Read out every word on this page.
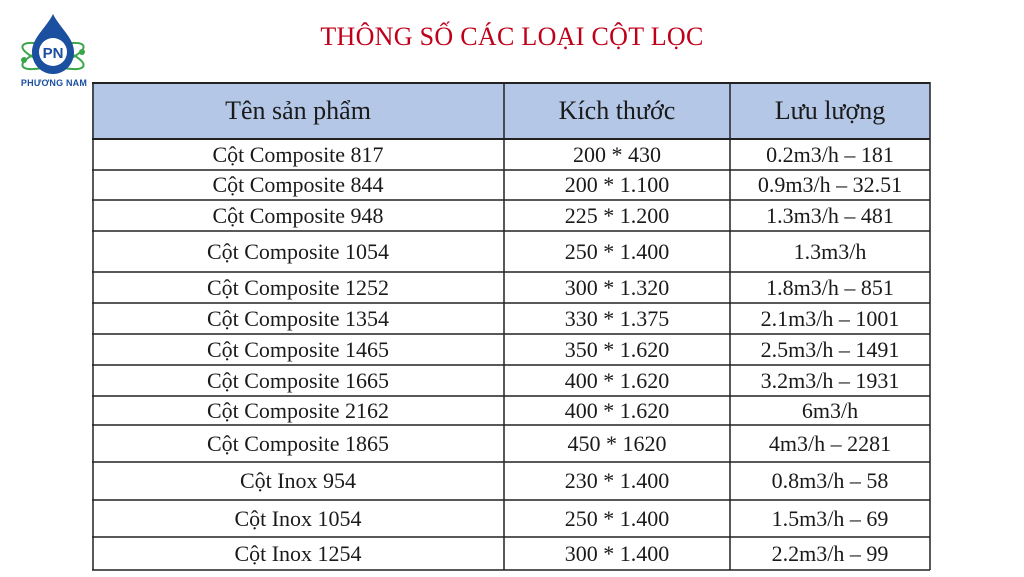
PN
PHƯƠNG NAM
THÔNG SỐ CÁC LOẠI CỘT LỌC
Tên sản phẩm	Kích thước	Lưu lượng
Cột Composite 817	200 * 430	0.2m3/h – 181
Cột Composite 844	200 * 1.100	0.9m3/h – 32.51
Cột Composite 948	225 * 1.200	1.3m3/h – 481
Cột Composite 1054	250 * 1.400	1.3m3/h
Cột Composite 1252	300 * 1.320	1.8m3/h – 851
Cột Composite 1354	330 * 1.375	2.1m3/h – 1001
Cột Composite 1465	350 * 1.620	2.5m3/h – 1491
Cột Composite 1665	400 * 1.620	3.2m3/h – 1931
Cột Composite 2162	400 * 1.620	6m3/h
Cột Composite 1865	450 * 1620	4m3/h – 2281
Cột Inox 954	230 * 1.400	0.8m3/h – 58
Cột Inox 1054	250 * 1.400	1.5m3/h – 69
Cột Inox 1254	300 * 1.400	2.2m3/h – 99
